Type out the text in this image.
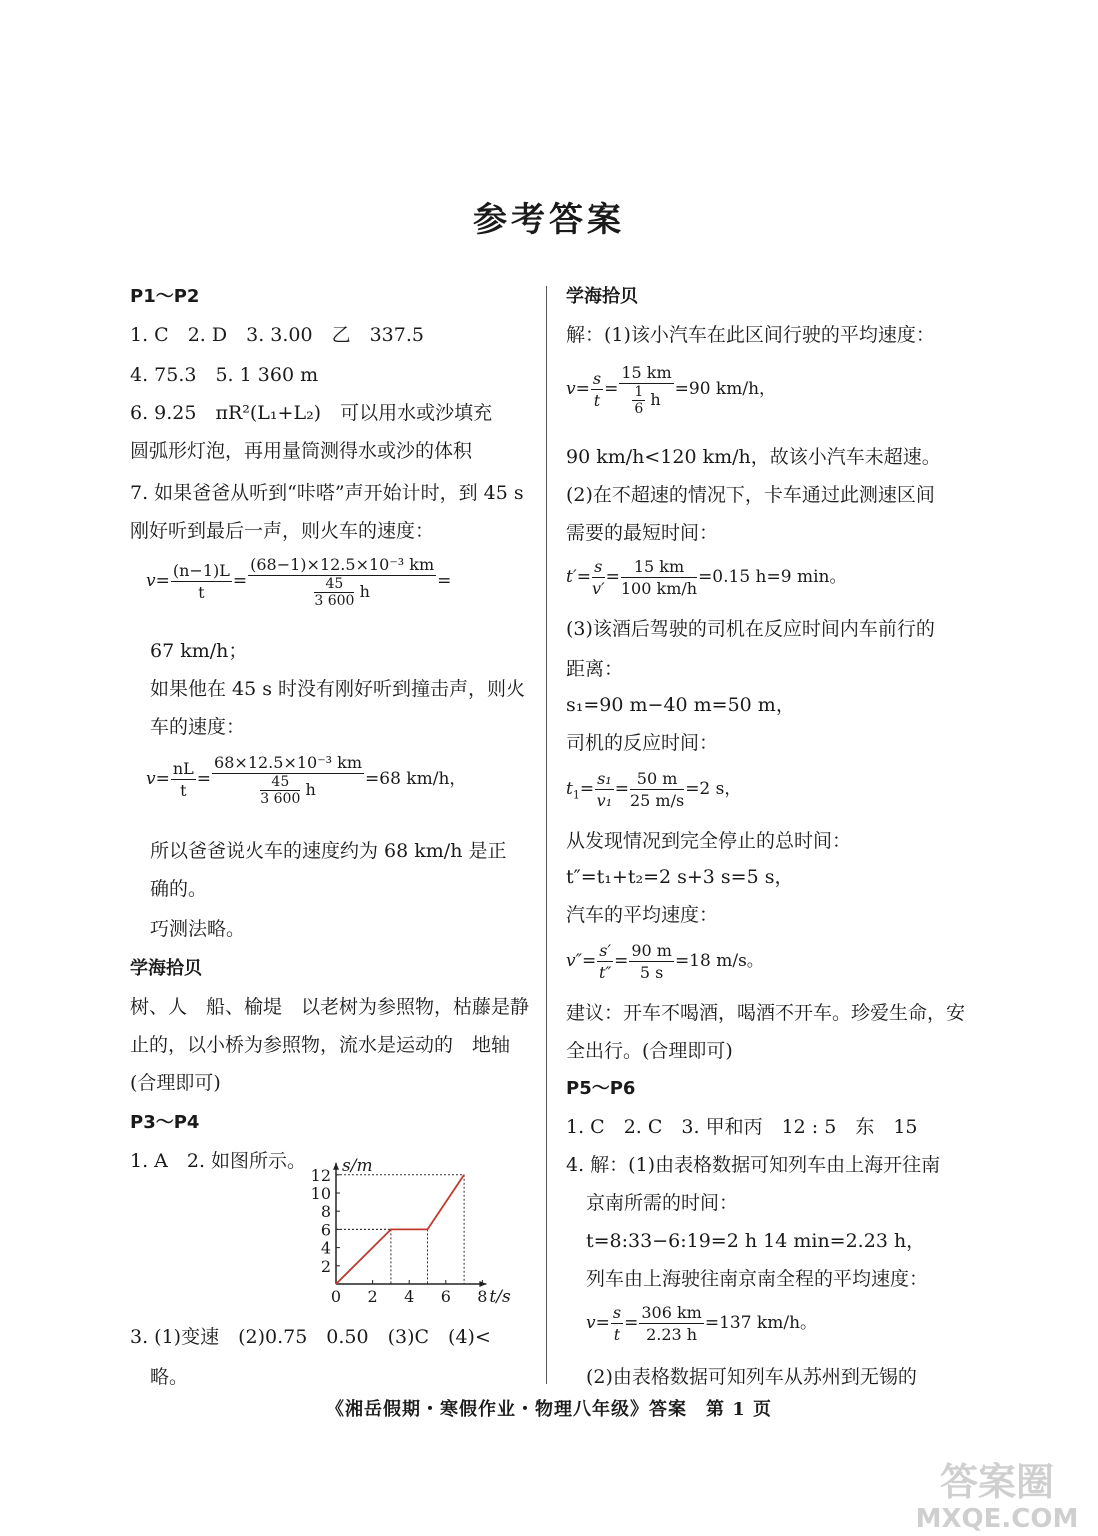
参考答案
P1～P2
1. C　2. D　3. 3.00　乙　337.5
4. 75.3　5. 1 360 m
6. 9.25　πR²(L₁+L₂)　可以用水或沙填充
圆弧形灯泡，再用量筒测得水或沙的体积
7. 如果爸爸从听到“咔嗒”声开始计时，到 45 s
刚好听到最后一声，则火车的速度：
$v= \frac{(n-1)L}{t} = \frac{\text{(68−1)×12.5×10⁻³ km}}{\frac{45}{3 600} h}$ =
67 km/h；
如果他在 45 s 时没有刚好听到撞击声，则火
车的速度：
$v= \frac{nL}{t} = \frac{\text{68×12.5×10⁻³ km}}{\frac{45}{3 600} h} =68$ km/h，
所以爸爸说火车的速度约为 68 km/h 是正
确的。
巧测法略。
学海拾贝
树、人　船、榆堤　以老树为参照物，枯藤是静
止的，以小桥为参照物，流水是运动的　地轴
(合理即可)
P3～P4
1. A　2. 如图所示。
2
4
6
8
10
12
0 2 4 6 8
s/m
t/s
3. (1)变速　(2)0.75　0.50　(3)C　(4)<
略。
学海拾贝
解：(1)该小汽车在此区间行驶的平均速度：
$v= \frac{s}{t} = \frac{15 km}{\frac{1}{6} h} =90$ km/h，
90 km/h<120 km/h，故该小汽车未超速。
(2)在不超速的情况下，卡车通过此测速区间
需要的最短时间：
$t'= \frac{s}{v'} = \frac{15 km}{100 km/h} =0.15$ h=9 min。
(3)该酒后驾驶的司机在反应时间内车前行的
距离：
s₁=90 m−40 m=50 m，
司机的反应时间：
$t_1= \frac{\text{s₁}}{\text{v₁}} = \frac{50 m}{25 m/s} =2$ s，
从发现情况到完全停止的总时间：
t″=t₁+t₂=2 s+3 s=5 s，
汽车的平均速度：
$v''= \frac{s'}{t''} = \frac{90 m}{5 s} =18$ m/s。
建议：开车不喝酒，喝酒不开车。珍爱生命，安
全出行。(合理即可)
P5～P6
1. C　2. C　3. 甲和丙　12 : 5　东　15
4. 解：(1)由表格数据可知列车由上海开往南
京南所需的时间：
t=8:33−6:19=2 h 14 min=2.23 h，
列车由上海驶往南京南全程的平均速度：
$v= \frac{s}{t} = \frac{306 km}{2.23 h} =137$ km/h。
(2)由表格数据可知列车从苏州到无锡的
《湘岳假期・寒假作业・物理八年级》答案　第 1 页
答案圈
MXQE.COM
